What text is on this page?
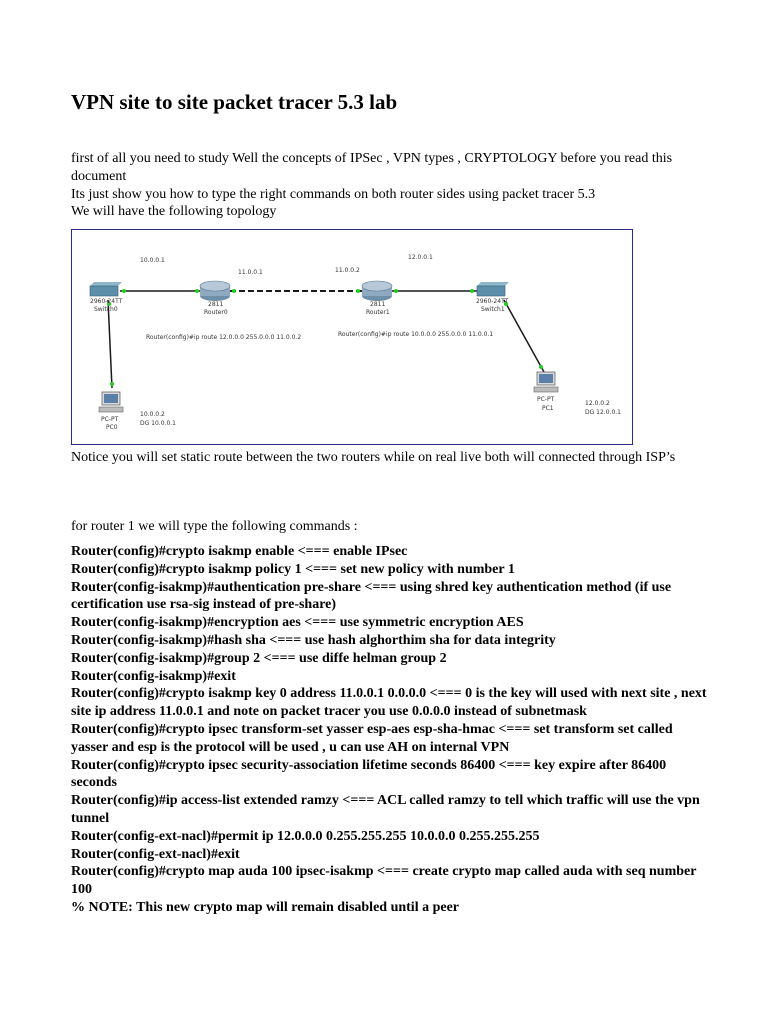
VPN site to site packet tracer 5.3 lab

first of all you need to study Well the concepts of IPSec , VPN types , CRYPTOLOGY before you read this document

Its just show you how to type the right commands on both router sides using packet tracer 5.3

We will have the following topology

10.0.0.1
11.0.0.1	11.0.0.2
12.0.0.1
2960-24TT
Switch0
2811
Router0
2811
Router1
2960-24TT
Switch1
Router(config)#ip route 12.0.0.0 255.0.0.0 11.0.0.2	Router(config)#ip route 10.0.0.0 255.0.0.0 11.0.0.1
PC-PT
PC0
10.0.0.2
DG 10.0.0.1
PC-PT
PC1
12.0.0.2
DG 12.0.0.1

Notice you will set static route between the two routers while on real live both will connected through ISP’s

for router 1 we will type the following commands :

Router(config)#crypto isakmp enable <=== enable IPsec

Router(config)#crypto isakmp policy 1 <=== set new policy with number 1

Router(config-isakmp)#authentication pre-share <=== using shred key authentication method (if use certification use rsa-sig instead of pre-share)

Router(config-isakmp)#encryption aes <=== use symmetric encryption AES

Router(config-isakmp)#hash sha <=== use hash alghorthim sha for data integrity

Router(config-isakmp)#group 2 <=== use diffe helman group 2

Router(config-isakmp)#exit

Router(config)#crypto isakmp key 0 address 11.0.0.1 0.0.0.0 <=== 0 is the key will used with next site , next site ip address 11.0.0.1 and note on packet tracer you use 0.0.0.0 instead of subnetmask

Router(config)#crypto ipsec transform-set yasser esp-aes esp-sha-hmac <=== set transform set called yasser and esp is the protocol will be used , u can use AH on internal VPN

Router(config)#crypto ipsec security-association lifetime seconds 86400 <=== key expire after 86400 seconds

Router(config)#ip access-list extended ramzy <=== ACL called ramzy to tell which traffic will use the vpn tunnel

Router(config-ext-nacl)#permit ip 12.0.0.0 0.255.255.255 10.0.0.0 0.255.255.255

Router(config-ext-nacl)#exit

Router(config)#crypto map auda 100 ipsec-isakmp <=== create crypto map called auda with seq number 100

% NOTE: This new crypto map will remain disabled until a peer
